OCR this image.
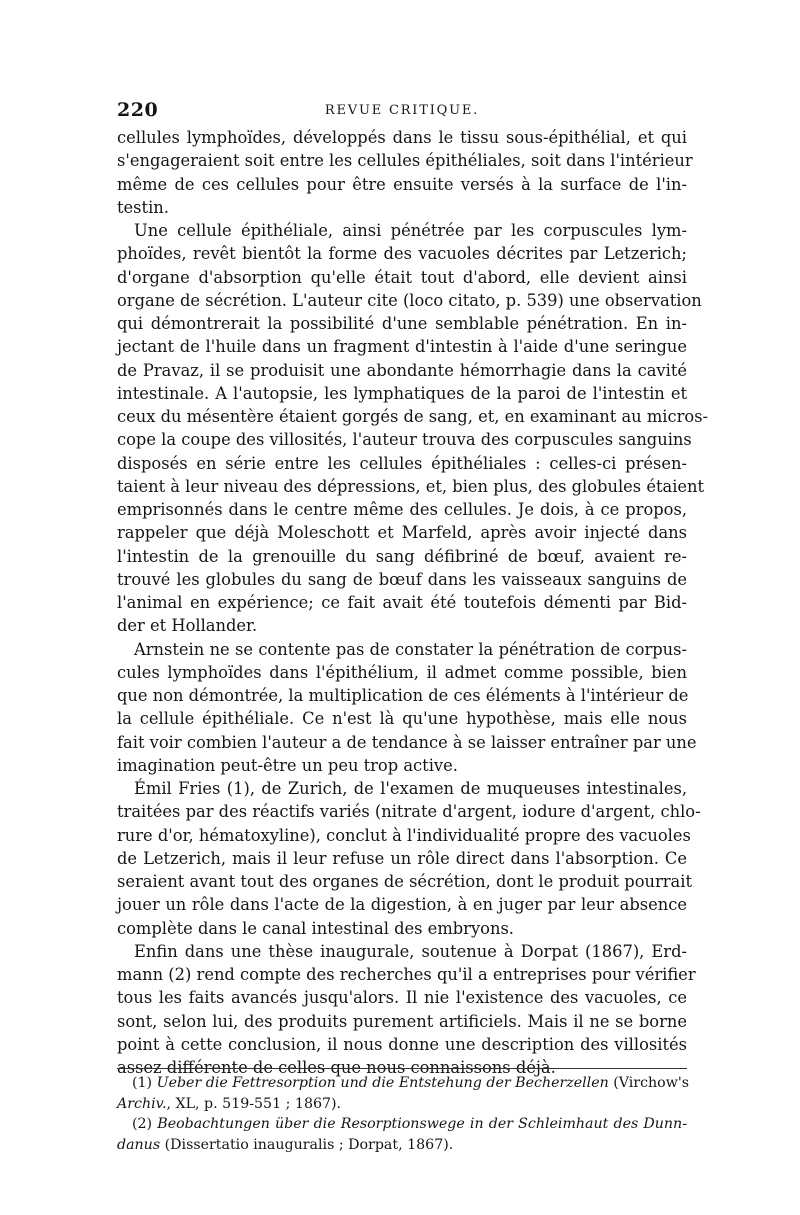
220	REVUE CRITIQUE.
cellules lymphoïdes, développés dans le tissu sous-épithélial, et qui
s'engageraient soit entre les cellules épithéliales, soit dans l'intérieur
même de ces cellules pour être ensuite versés à la surface de l'in-
testin.
Une cellule épithéliale, ainsi pénétrée par les corpuscules lym-
phoïdes, revêt bientôt la forme des vacuoles décrites par Letzerich;
d'organe d'absorption qu'elle était tout d'abord, elle devient ainsi
organe de sécrétion. L'auteur cite (loco citato, p. 539) une observation
qui démontrerait la possibilité d'une semblable pénétration. En in-
jectant de l'huile dans un fragment d'intestin à l'aide d'une seringue
de Pravaz, il se produisit une abondante hémorrhagie dans la cavité
intestinale. A l'autopsie, les lymphatiques de la paroi de l'intestin et
ceux du mésentère étaient gorgés de sang, et, en examinant au micros-
cope la coupe des villosités, l'auteur trouva des corpuscules sanguins
disposés en série entre les cellules épithéliales : celles-ci présen-
taient à leur niveau des dépressions, et, bien plus, des globules étaient
emprisonnés dans le centre même des cellules. Je dois, à ce propos,
rappeler que déjà Moleschott et Marfeld, après avoir injecté dans
l'intestin de la grenouille du sang défibriné de bœuf, avaient re-
trouvé les globules du sang de bœuf dans les vaisseaux sanguins de
l'animal en expérience; ce fait avait été toutefois démenti par Bid-
der et Hollander.
Arnstein ne se contente pas de constater la pénétration de corpus-
cules lymphoïdes dans l'épithélium, il admet comme possible, bien
que non démontrée, la multiplication de ces éléments à l'intérieur de
la cellule épithéliale. Ce n'est là qu'une hypothèse, mais elle nous
fait voir combien l'auteur a de tendance à se laisser entraîner par une
imagination peut-être un peu trop active.
Émil Fries (1), de Zurich, de l'examen de muqueuses intestinales,
traitées par des réactifs variés (nitrate d'argent, iodure d'argent, chlo-
rure d'or, hématoxyline), conclut à l'individualité propre des vacuoles
de Letzerich, mais il leur refuse un rôle direct dans l'absorption. Ce
seraient avant tout des organes de sécrétion, dont le produit pourrait
jouer un rôle dans l'acte de la digestion, à en juger par leur absence
complète dans le canal intestinal des embryons.
Enfin dans une thèse inaugurale, soutenue à Dorpat (1867), Erd-
mann (2) rend compte des recherches qu'il a entreprises pour vérifier
tous les faits avancés jusqu'alors. Il nie l'existence des vacuoles, ce
sont, selon lui, des produits purement artificiels. Mais il ne se borne
point à cette conclusion, il nous donne une description des villosités
assez différente de celles que nous connaissons déjà.
(1) Ueber die Fettresorption und die Entstehung der Becherzellen (Virchow's
Archiv., XL, p. 519-551 ; 1867).
(2) Beobachtungen über die Resorptionswege in der Schleimhaut des Dunn-
danus (Dissertatio inauguralis ; Dorpat, 1867).
